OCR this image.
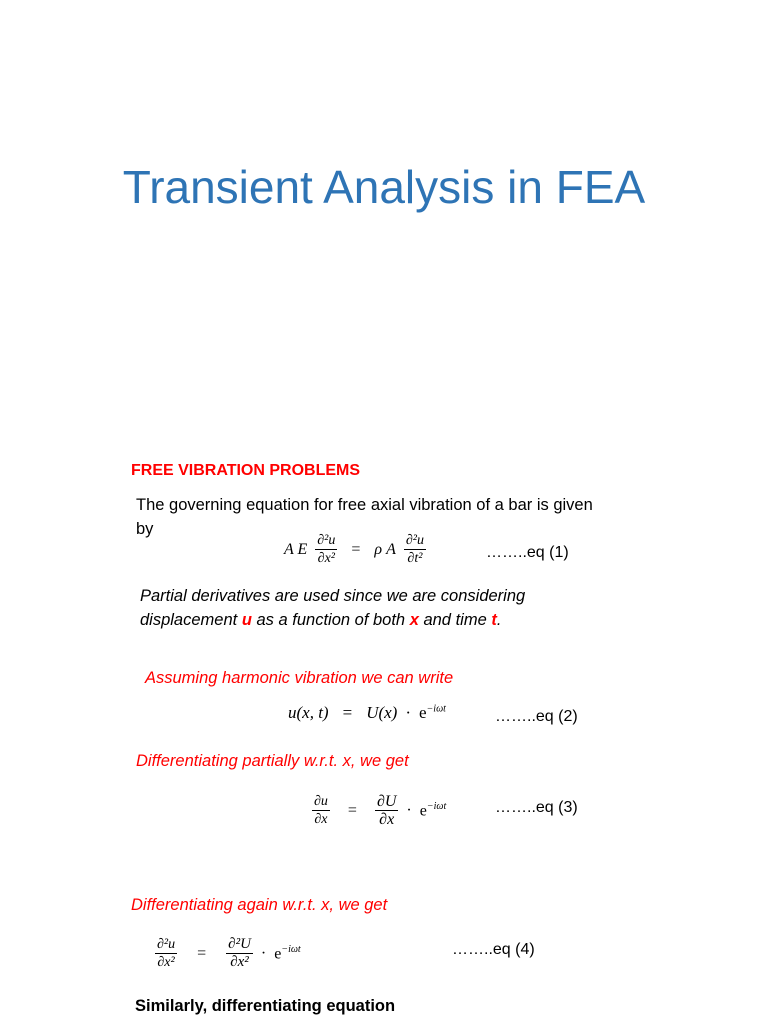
Transient Analysis in FEA
FREE VIBRATION PROBLEMS
The governing equation for free axial vibration of a bar is given
by
A E $\frac{\text{∂²u}}{\text{∂x²}} = \rho$ A $\frac{\text{∂²u}}{\text{∂t²}}$	……..eq (1)
Partial derivatives are used since we are considering
displacement u as a function of both x and time t.
Assuming harmonic vibration we can write
u(x, $t) = U(x) \cdot e^{-i\omega t}$	……..eq (2)
Differentiating partially w.r.t. x, we get
$\frac{\partial u}{\partial x} = \frac{\partial U}{\partial x} \cdot e^{-i\omega t}$	……..eq (3)
Differentiating again w.r.t. x, we get
$\frac{\text{∂²u}}{\text{∂x²}} = \frac{\text{∂²U}}{\text{∂x²}} \cdot e^{-i\omega t}$	……..eq (4)
Similarly, differentiating equation
